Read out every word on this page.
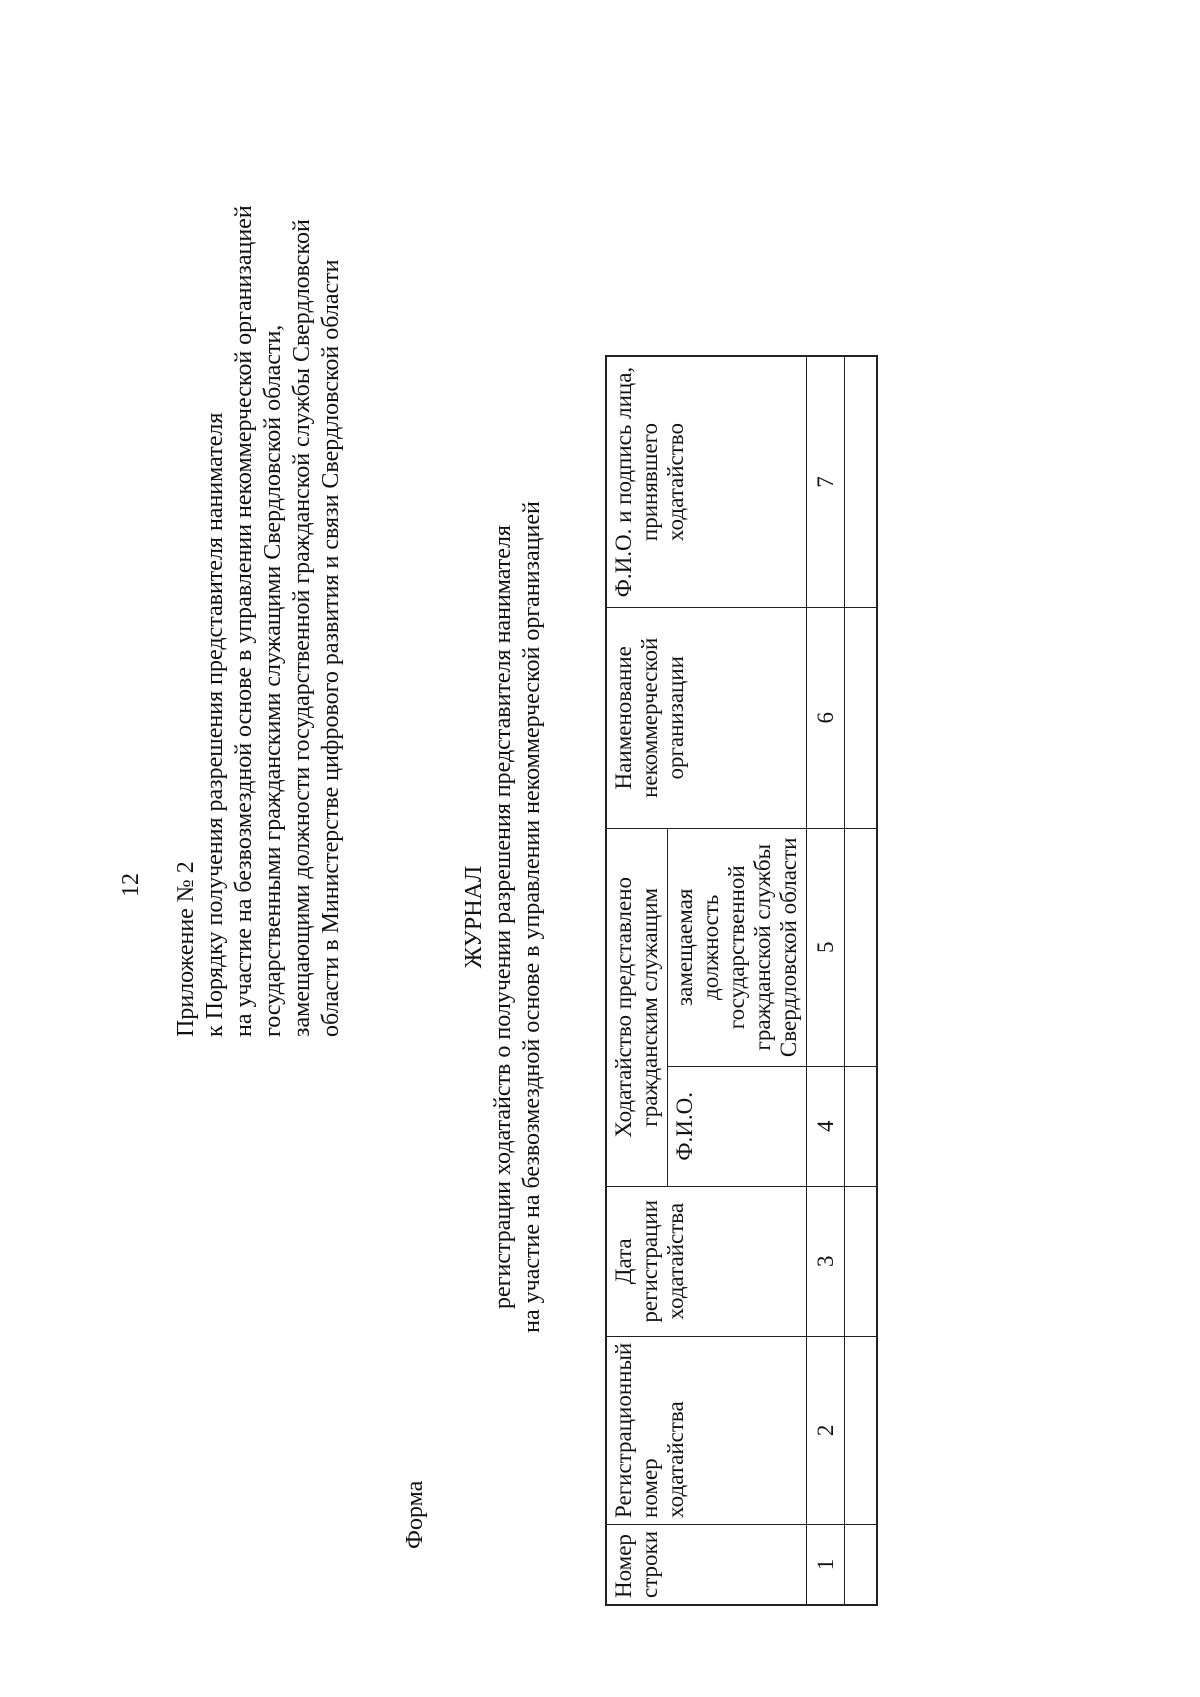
12 Приложение № 2 к Порядку получения разрешения представителя нанимателя на участие на безвозмездной основе в управлении некоммерческой организацией государственными гражданскими служащими Свердловской области, замещающими должности государственной гражданской службы Свердловской области в Министерстве цифрового развития и связи Свердловской области
Форма
ЖУРНАЛ регистрации ходатайств о получении разрешения представителя нанимателя на участие на безвозмездной основе в управлении некоммерческой организацией
Номер строки	Регистрационный номер ходатайства	Дата регистрации ходатайства	Ходатайство представлено гражданским служащим		Наименование некоммерческой организации	Ф.И.О. и подпись лица, принявшего ходатайство
			Ф.И.О.	замещаемая должность государственной гражданской службы Свердловской области		
1	2	3	4	5	6	7
